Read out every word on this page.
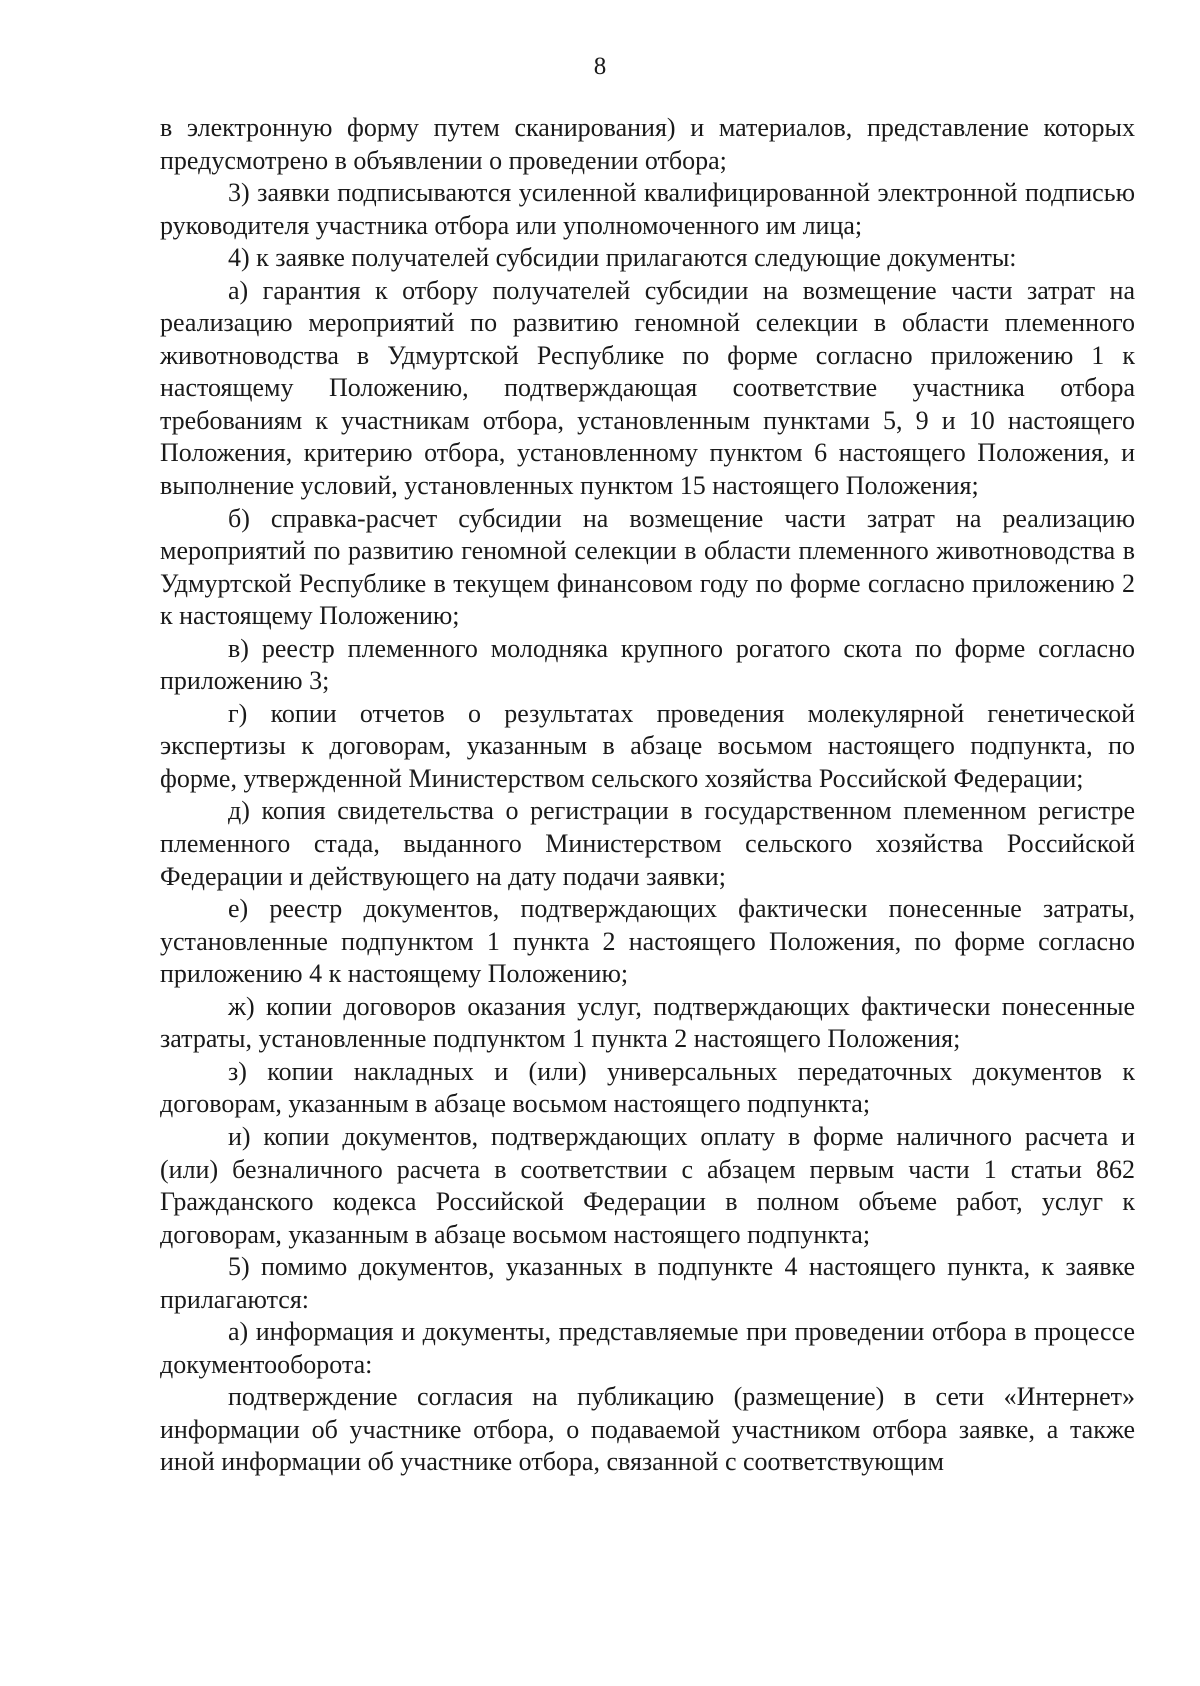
8

в электронную форму путем сканирования) и материалов, представление которых предусмотрено в объявлении о проведении отбора;

3) заявки подписываются усиленной квалифицированной электронной подписью руководителя участника отбора или уполномоченного им лица;

4) к заявке получателей субсидии прилагаются следующие документы:

а) гарантия к отбору получателей субсидии на возмещение части затрат на реализацию мероприятий по развитию геномной селекции в области племенного животноводства в Удмуртской Республике по форме согласно приложению 1 к настоящему Положению, подтверждающая соответствие участника отбора требованиям к участникам отбора, установленным пунктами 5, 9 и 10 настоящего Положения, критерию отбора, установленному пунктом 6 настоящего Положения, и выполнение условий, установленных пунктом 15 настоящего Положения;

б) справка-расчет субсидии на возмещение части затрат на реализацию мероприятий по развитию геномной селекции в области племенного животноводства в Удмуртской Республике в текущем финансовом году по форме согласно приложению 2 к настоящему Положению;

в) реестр племенного молодняка крупного рогатого скота по форме согласно приложению 3;

г) копии отчетов о результатах проведения молекулярной генетической экспертизы к договорам, указанным в абзаце восьмом настоящего подпункта, по форме, утвержденной Министерством сельского хозяйства Российской Федерации;

д) копия свидетельства о регистрации в государственном племенном регистре племенного стада, выданного Министерством сельского хозяйства Российской Федерации и действующего на дату подачи заявки;

е) реестр документов, подтверждающих фактически понесенные затраты, установленные подпунктом 1 пункта 2 настоящего Положения, по форме согласно приложению 4 к настоящему Положению;

ж) копии договоров оказания услуг, подтверждающих фактически понесенные затраты, установленные подпунктом 1 пункта 2 настоящего Положения;

з) копии накладных и (или) универсальных передаточных документов к договорам, указанным в абзаце восьмом настоящего подпункта;

и) копии документов, подтверждающих оплату в форме наличного расчета и (или) безналичного расчета в соответствии с абзацем первым части 1 статьи 862 Гражданского кодекса Российской Федерации в полном объеме работ, услуг к договорам, указанным в абзаце восьмом настоящего подпункта;

5) помимо документов, указанных в подпункте 4 настоящего пункта, к заявке прилагаются:

а) информация и документы, представляемые при проведении отбора в процессе документооборота:

подтверждение согласия на публикацию (размещение) в сети «Интернет» информации об участнике отбора, о подаваемой участником отбора заявке, а также иной информации об участнике отбора, связанной с соответствующим
